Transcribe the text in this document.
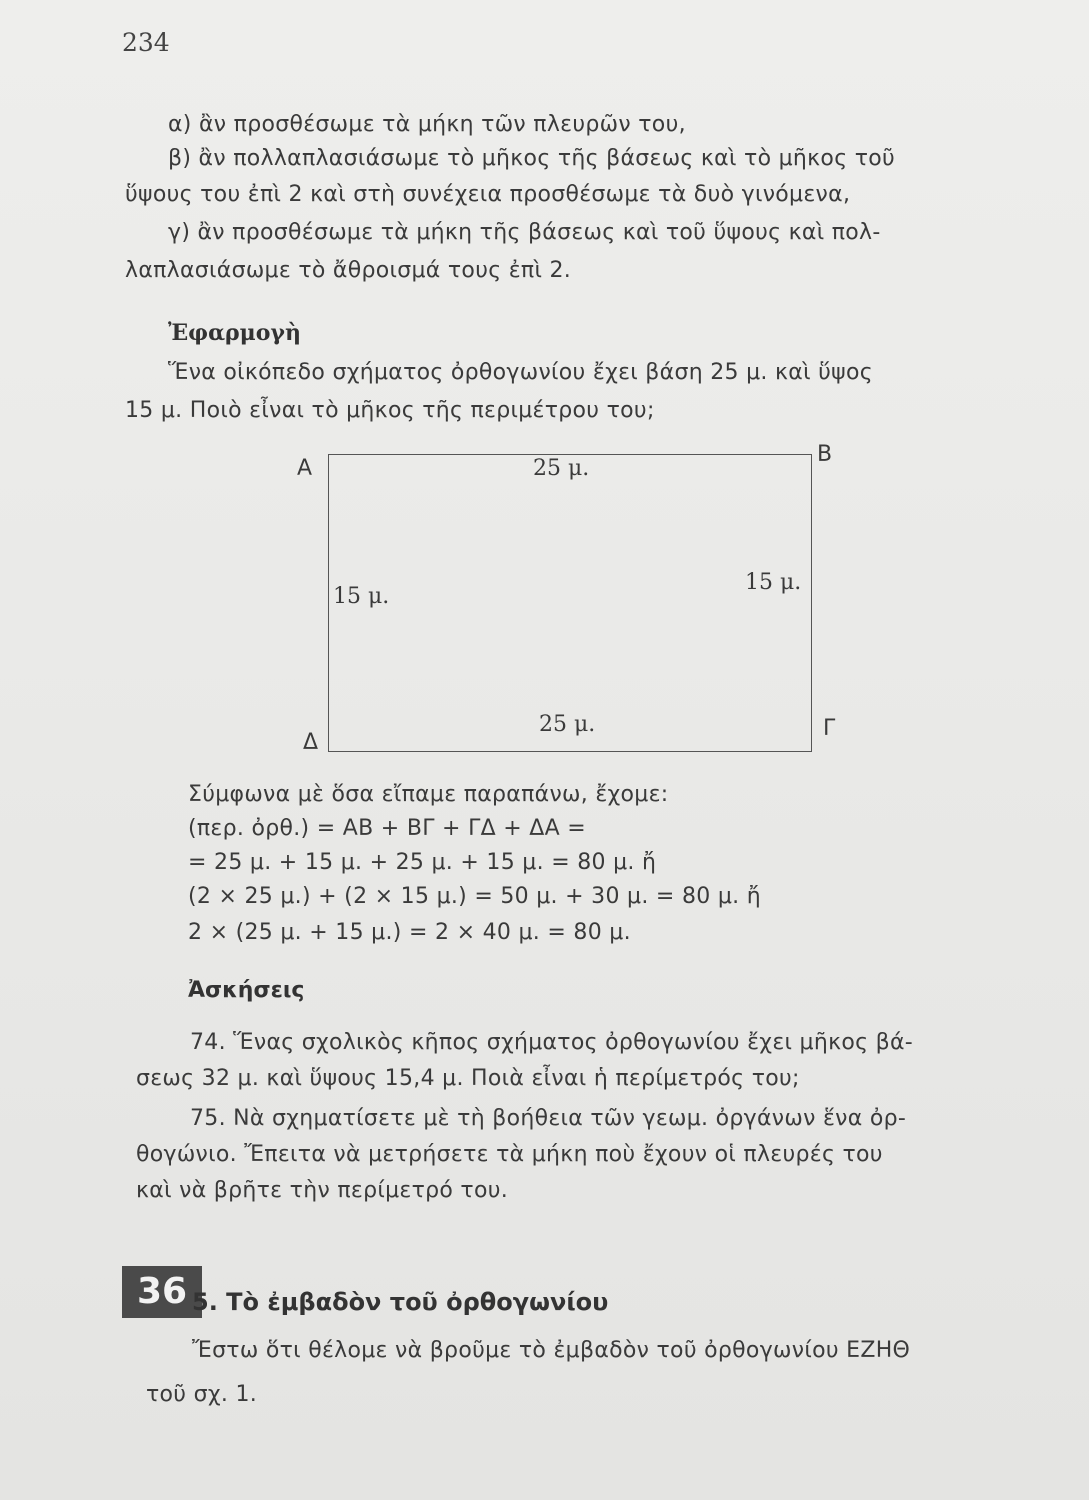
234
α) ἂν προσθέσωμε τὰ μήκη τῶν πλευρῶν του,
β) ἂν πολλαπλασιάσωμε τὸ μῆκος τῆς βάσεως καὶ τὸ μῆκος τοῦ
ὕψους του ἐπὶ 2 καὶ στὴ συνέχεια προσθέσωμε τὰ δυὸ γινόμενα,
γ) ἂν προσθέσωμε τὰ μήκη τῆς βάσεως καὶ τοῦ ὕψους καὶ πολ-
λαπλασιάσωμε τὸ ἄθροισμά τους ἐπὶ 2.
Ἐφαρμογὴ
Ἕνα οἰκόπεδο σχήματος ὀρθογωνίου ἔχει βάση 25 μ. καὶ ὕψος
15 μ. Ποιὸ εἶναι τὸ μῆκος τῆς περιμέτρου του;
Α
Β
Γ
Δ
25 μ.
25 μ.
15 μ.
15 μ.
Σύμφωνα μὲ ὅσα εἴπαμε παραπάνω, ἔχομε:
(περ. ὀρθ.) = ΑΒ + ΒΓ + ΓΔ + ΔΑ =
= 25 μ. + 15 μ. + 25 μ. + 15 μ. = 80 μ. ἤ
(2 × 25 μ.) + (2 × 15 μ.) = 50 μ. + 30 μ. = 80 μ. ἤ
2 × (25 μ. + 15 μ.) = 2 × 40 μ. = 80 μ.
Ἀσκήσεις
74. Ἕνας σχολικὸς κῆπος σχήματος ὀρθογωνίου ἔχει μῆκος βά-
σεως 32 μ. καὶ ὕψους 15,4 μ. Ποιὰ εἶναι ἡ περίμετρός του;
75. Νὰ σχηματίσετε μὲ τὴ βοήθεια τῶν γεωμ. ὀργάνων ἕνα ὀρ-
θογώνιο. Ἔπειτα νὰ μετρήσετε τὰ μήκη ποὺ ἔχουν οἱ πλευρές του
καὶ νὰ βρῆτε τὴν περίμετρό του.
36 5. Τὸ ἐμβαδὸν τοῦ ὀρθογωνίου
Ἔστω ὅτι θέλομε νὰ βροῦμε τὸ ἐμβαδὸν τοῦ ὀρθογωνίου ΕΖΗΘ
τοῦ σχ. 1.
